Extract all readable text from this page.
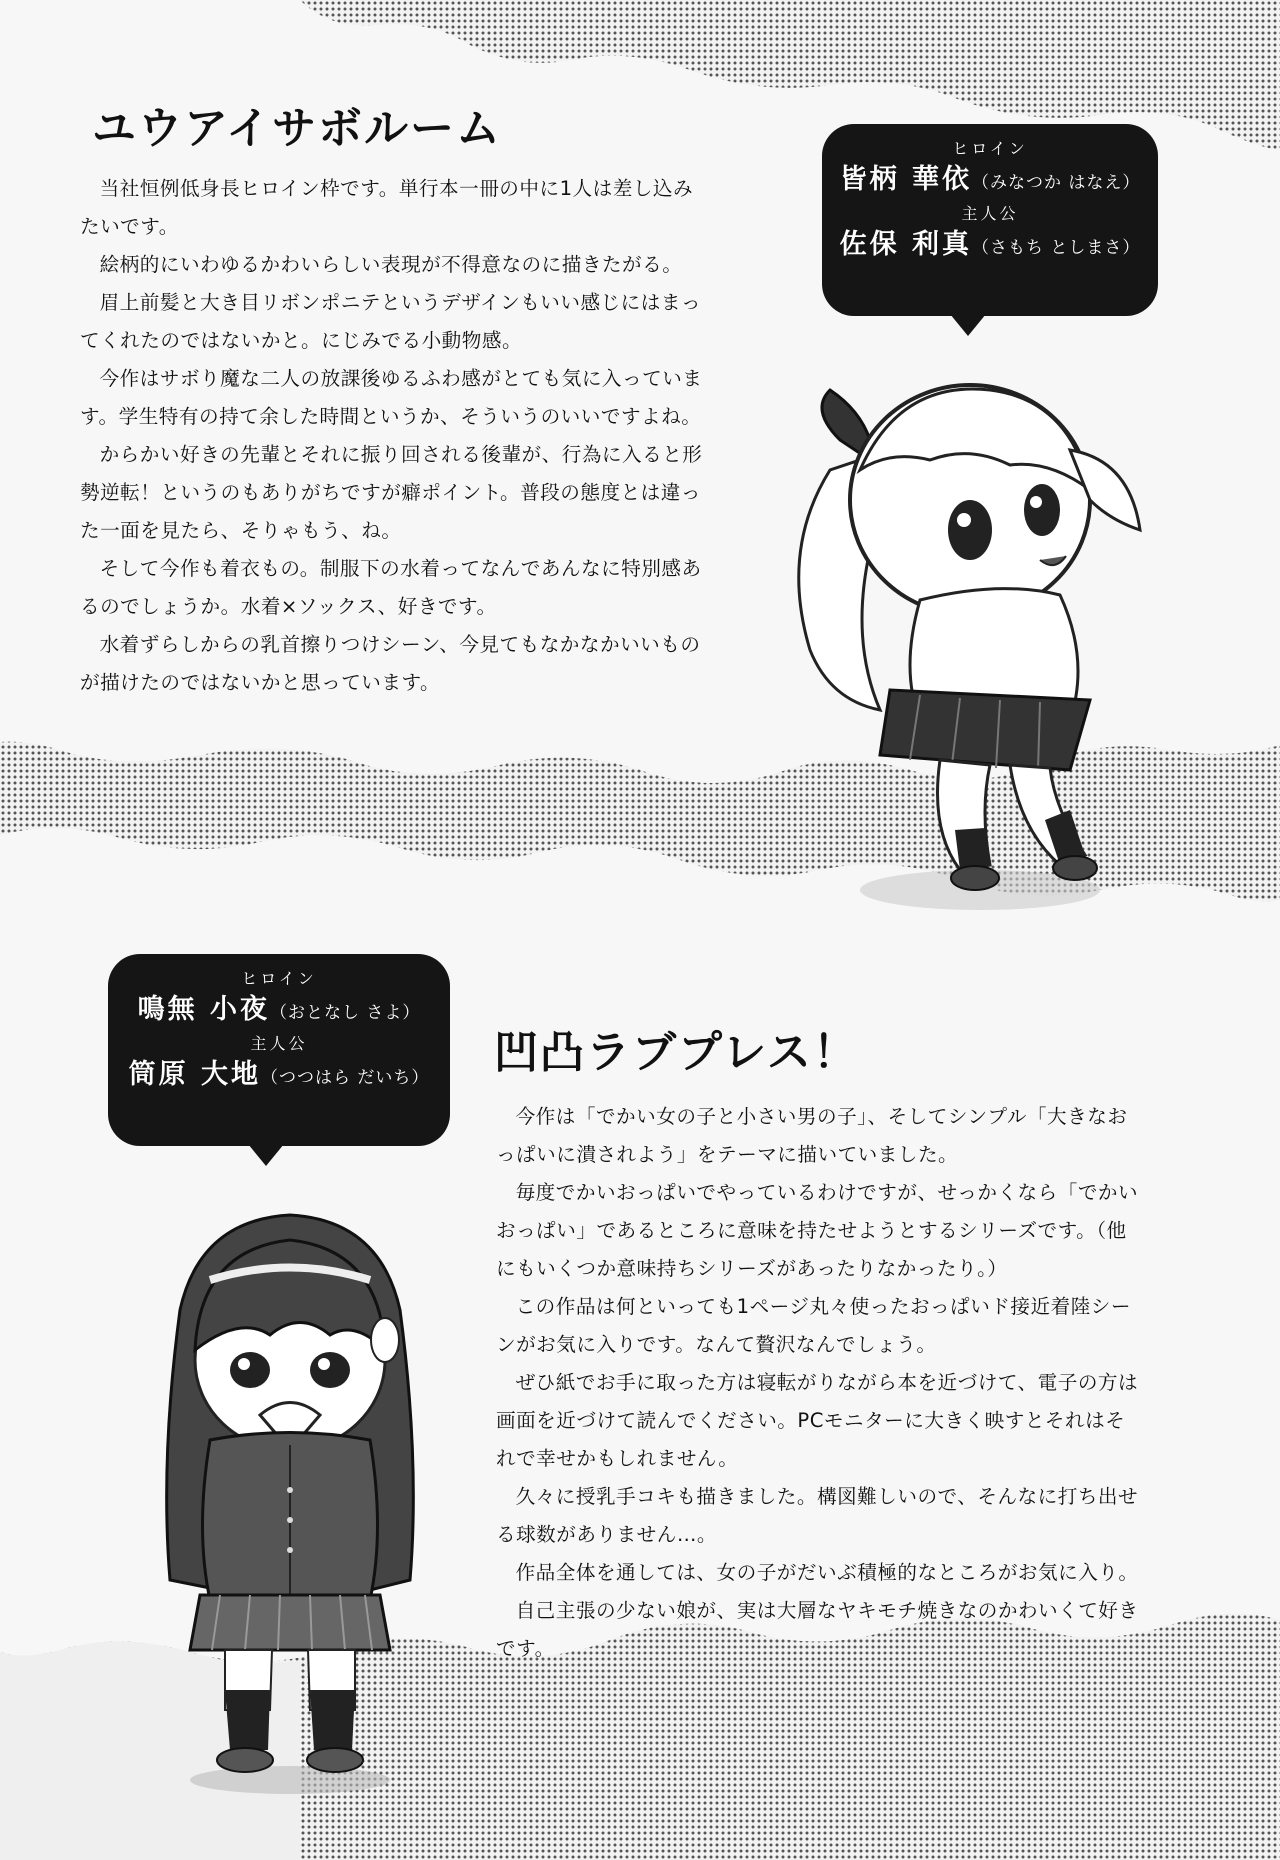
ユウアイサボルーム

当社恒例低身長ヒロイン枠です。単行本一冊の中に1人は差し込みたいです。

絵柄的にいわゆるかわいらしい表現が不得意なのに描きたがる。

眉上前髪と大き目リボンポニテというデザインもいい感じにはまってくれたのではないかと。にじみでる小動物感。

今作はサボり魔な二人の放課後ゆるふわ感がとても気に入っています。学生特有の持て余した時間というか、そういうのいいですよね。

からかい好きの先輩とそれに振り回される後輩が、行為に入ると形勢逆転！というのもありがちですが癖ポイント。普段の態度とは違った一面を見たら、そりゃもう、ね。

そして今作も着衣もの。制服下の水着ってなんであんなに特別感あるのでしょうか。水着×ソックス、好きです。

水着ずらしからの乳首擦りつけシーン、今見てもなかなかいいものが描けたのではないかと思っています。

ヒロイン
皆柄 華依（みなつか はなえ）
主人公
佐保 利真（さもち としまさ）
ヒロイン
鳴無 小夜（おとなし さよ）
主人公
筒原 大地（つつはら だいち）	凹凸ラブプレス！

今作は「でかい女の子と小さい男の子」、そしてシンプル「大きなおっぱいに潰されよう」をテーマに描いていました。

毎度でかいおっぱいでやっているわけですが、せっかくなら「でかいおっぱい」であるところに意味を持たせようとするシリーズです。（他にもいくつか意味持ちシリーズがあったりなかったり。）

この作品は何といっても1ページ丸々使ったおっぱいド接近着陸シーンがお気に入りです。なんて贅沢なんでしょう。

ぜひ紙でお手に取った方は寝転がりながら本を近づけて、電子の方は画面を近づけて読んでください。PCモニターに大きく映すとそれはそれで幸せかもしれません。

久々に授乳手コキも描きました。構図難しいので、そんなに打ち出せる球数がありません…。

作品全体を通しては、女の子がだいぶ積極的なところがお気に入り。

自己主張の少ない娘が、実は大層なヤキモチ焼きなのかわいくて好きです。
